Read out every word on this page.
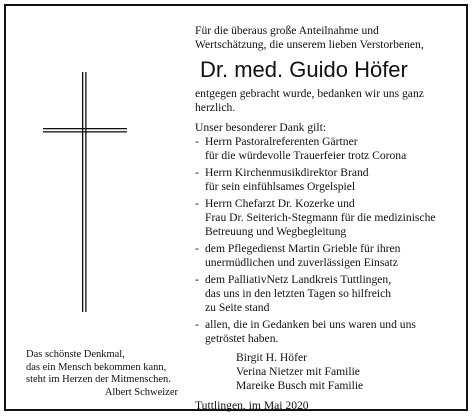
Das schönste Denkmal,
das ein Mensch bekommen kann,
steht im Herzen der Mitmenschen.
Albert Schweizer
Für die überaus große Anteilnahme und
Wertschätzung, die unserem lieben Verstorbenen,
Dr. med. Guido Höfer
entgegen gebracht wurde, bedanken wir uns ganz
herzlich.
Unser besonderer Dank gilt:
- Herrn Pastoralreferenten Gärtner
für die würdevolle Trauerfeier trotz Corona
- Herrn Kirchenmusikdirektor Brand
für sein einfühlsames Orgelspiel
- Herrn Chefarzt Dr. Kozerke und
Frau Dr. Seiterich-Stegmann für die medizinische
Betreuung und Wegbegleitung
- dem Pflegedienst Martin Grieble für ihren
unermüdlichen und zuverlässigen Einsatz
- dem PalliativNetz Landkreis Tuttlingen,
das uns in den letzten Tagen so hilfreich
zu Seite stand
- allen, die in Gedanken bei uns waren und uns
getröstet haben.
Birgit H. Höfer
Verina Nietzer mit Familie
Mareike Busch mit Familie
Tuttlingen, im Mai 2020
